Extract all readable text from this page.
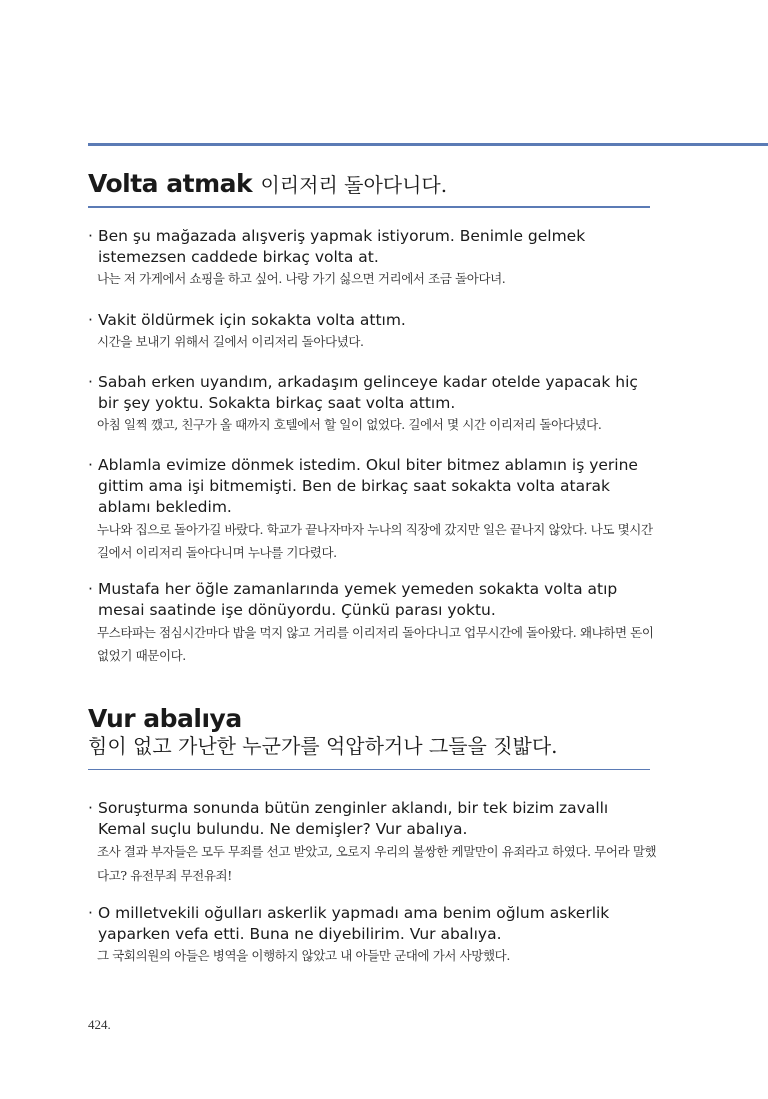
Volta atmak 이리저리 돌아다니다.
· Ben şu mağazada alışveriş yapmak istiyorum. Benimle gelmek istemezsen caddede birkaç volta at.
나는 저 가게에서 쇼핑을 하고 싶어. 나랑 가기 싫으면 거리에서 조금 돌아다녀.
· Vakit öldürmek için sokakta volta attım.
시간을 보내기 위해서 길에서 이리저리 돌아다녔다.
· Sabah erken uyandım, arkadaşım gelinceye kadar otelde yapacak hiç bir şey yoktu. Sokakta birkaç saat volta attım.
아침 일찍 깼고, 친구가 올 때까지 호텔에서 할 일이 없었다. 길에서 몇 시간 이리저리 돌아다녔다.
· Ablamla evimize dönmek istedim. Okul biter bitmez ablamın iş yerine gittim ama işi bitmemişti. Ben de birkaç saat sokakta volta atarak ablamı bekledim.
누나와 집으로 돌아가길 바랐다. 학교가 끝나자마자 누나의 직장에 갔지만 일은 끝나지 않았다. 나도 몇시간 길에서 이리저리 돌아다니며 누나를 기다렸다.
· Mustafa her öğle zamanlarında yemek yemeden sokakta volta atıp mesai saatinde işe dönüyordu. Çünkü parası yoktu.
무스타파는 점심시간마다 밥을 먹지 않고 거리를 이리저리 돌아다니고 업무시간에 돌아왔다. 왜냐하면 돈이 없었기 때문이다.
Vur abalıya
힘이 없고 가난한 누군가를 억압하거나 그들을 짓밟다.
· Soruşturma sonunda bütün zenginler aklandı, bir tek bizim zavallı Kemal suçlu bulundu. Ne demişler? Vur abalıya.
조사 결과 부자들은 모두 무죄를 선고 받았고, 오로지 우리의 불쌍한 케말만이 유죄라고 하였다. 무어라 말했다고? 유전무죄 무전유죄!
· O milletvekili oğulları askerlik yapmadı ama benim oğlum askerlik yaparken vefa etti. Buna ne diyebilirim. Vur abalıya.
그 국회의원의 아들은 병역을 이행하지 않았고 내 아들만 군대에 가서 사망했다.
424.
